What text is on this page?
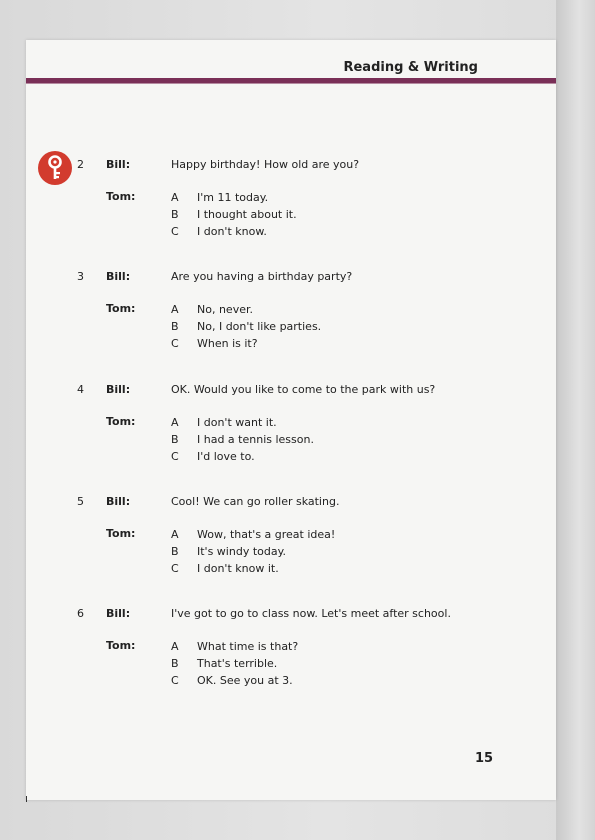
Reading & Writing
2 Bill:	Happy birthday! How old are you?
Tom:	A I'm 11 today.
B I thought about it.
C I don't know.
3 Bill:	Are you having a birthday party?
Tom:	A No, never.
B No, I don't like parties.
C When is it?
4 Bill:	OK. Would you like to come to the park with us?
Tom:	A I don't want it.
B I had a tennis lesson.
C I'd love to.
5 Bill:	Cool! We can go roller skating.
Tom:	A Wow, that's a great idea!
B It's windy today.
C I don't know it.
6 Bill:	I've got to go to class now. Let's meet after school.
Tom:	A What time is that?
B That's terrible.
C OK. See you at 3.
15
